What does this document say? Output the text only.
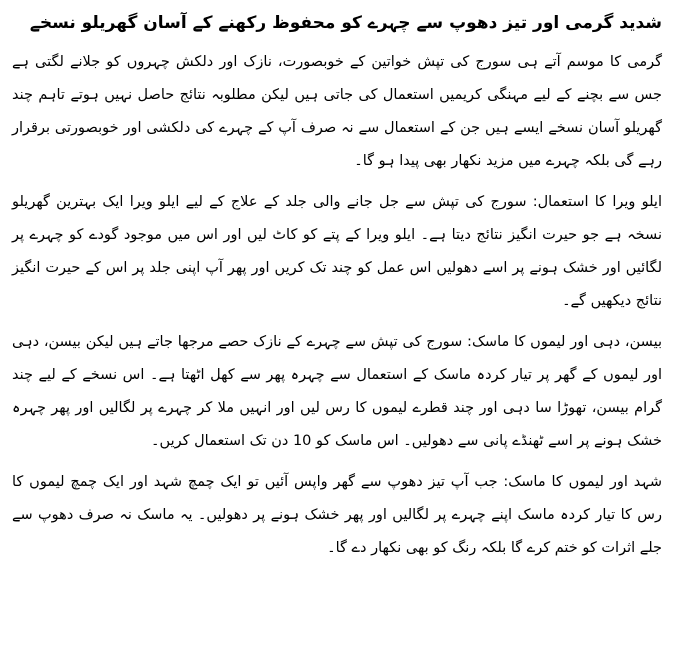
شدید گرمی اور تیز دھوپ سے چہرے کو محفوظ رکھنے کے آسان گھریلو نسخے

گرمی کا موسم آتے ہی سورج کی تپش خواتین کے خوبصورت، نازک اور دلکش چہروں کو جلانے لگتی ہے جس سے بچنے کے لیے مہنگی کریمیں استعمال کی جاتی ہیں لیکن مطلوبہ نتائج حاصل نہیں ہوتے تاہم چند گھریلو آسان نسخے ایسے ہیں جن کے استعمال سے نہ صرف آپ کے چہرے کی دلکشی اور خوبصورتی برقرار رہے گی بلکہ چہرے میں مزید نکھار بھی پیدا ہو گا۔

ایلو ویرا کا استعمال: سورج کی تپش سے جل جانے والی جلد کے علاج کے لیے ایلو ویرا ایک بہترین گھریلو نسخہ ہے جو حیرت انگیز نتائج دیتا ہے۔ ایلو ویرا کے پتے کو کاٹ لیں اور اس میں موجود گودے کو چہرے پر لگائیں اور خشک ہونے پر اسے دھولیں اس عمل کو چند تک کریں اور پھر آپ اپنی جلد پر اس کے حیرت انگیز نتائج دیکھیں گے۔

بیسن، دہی اور لیموں کا ماسک: سورج کی تپش سے چہرے کے نازک حصے مرجھا جاتے ہیں لیکن بیسن، دہی اور لیموں کے گھر پر تیار کردہ ماسک کے استعمال سے چہرہ پھر سے کھل اٹھتا ہے۔ اس نسخے کے لیے چند گرام بیسن، تھوڑا سا دہی اور چند قطرے لیموں کا رس لیں اور انہیں ملا کر چہرے پر لگالیں اور پھر چہرہ خشک ہونے پر اسے ٹھنڈے پانی سے دھولیں۔ اس ماسک کو 10 دن تک استعمال کریں۔

شہد اور لیموں کا ماسک: جب آپ تیز دھوپ سے گھر واپس آئیں تو ایک چمچ شہد اور ایک چمچ لیموں کا رس کا تیار کردہ ماسک اپنے چہرے پر لگالیں اور پھر خشک ہونے پر دھولیں۔ یہ ماسک نہ صرف دھوپ سے جلے اثرات کو ختم کرے گا بلکہ رنگ کو بھی نکھار دے گا۔
